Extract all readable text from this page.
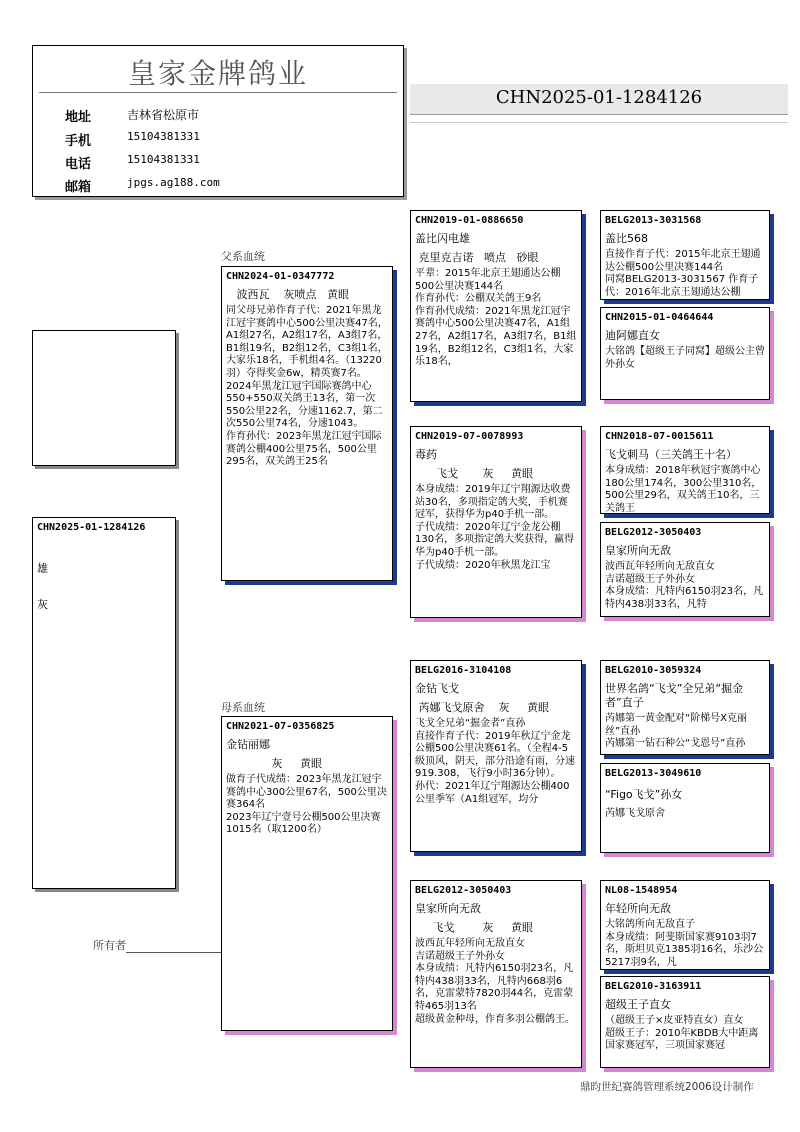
皇家金牌鸽业
地址	吉林省松原市
手机	15104381331
电话	15104381331
邮箱	jpgs.ag188.com
CHN2025-01-1284126
CHN2025-01-1284126
雄
灰
所有者
父系血统
母系血统
CHN2024-01-0347772
波西瓦    灰喷点   黄眼
同父母兄弟作育子代：2021年黑龙江冠宇赛鸽中心500公里决赛47名，A1组27名，A2组17名，A3组7名，B1组19名，B2组12名，C3组1名，大家乐18名，手机组4名。（13220羽）夺得奖金6w，精英赛7名。
2024年黑龙江冠宇国际赛鸽中心550+550双关鸽王13名，第一次550公里22名，分速1162.7，第二次550公里74名，分速1043。
作育孙代：2023年黑龙江冠宇国际赛鸽公棚400公里75名，500公里295名，双关鸽王25名
CHN2021-07-0356825
金钻丽娜
灰     黄眼
做育子代成绩：2023年黑龙江冠宇赛鸽中心300公里67名，500公里决赛364名
2023年辽宁壹号公棚500公里决赛1015名（取1200名）
CHN2019-01-0886650
盖比闪电雄
克里克吉诺   喷点   砂眼
平辈：2015年北京王翅通达公棚500公里决赛144名
作育孙代：公棚双关鸽王9名
作育孙代成绩：2021年黑龙江冠宇赛鸽中心500公里决赛47名，A1组27名，A2组17名，A3组7名，B1组19名，B2组12名，C3组1名，大家乐18名，
CHN2019-07-0078993
毒药
飞戈       灰     黄眼
本身成绩：2019年辽宁翔源达收费站30名，多项指定鸽大奖，手机赛冠军，获得华为p40手机一部。
子代成绩：2020年辽宁金龙公棚130名，多项指定鸽大奖获得，赢得华为p40手机一部。
子代成绩：2020年秋黑龙江宝
BELG2016-3104108
金钻飞戈
芮娜飞戈原舍    灰     黄眼
飞戈全兄弟“掘金者”直孙
直接作育子代：2019年秋辽宁金龙公棚500公里决赛61名。（全程4-5级顶风，阴天，部分沿途有雨，分速919.308，飞行9小时36分钟）。
孙代：2021年辽宁翔源达公棚400公里季军（A1组冠军，均分
BELG2012-3050403
皇家所向无敌
飞戈        灰     黄眼
波西瓦年轻所向无敌直女
吉诺超级王子外孙女
本身成绩：凡特内6150羽23名，凡特内438羽33名，凡特内668羽6名，克雷蒙特7820羽44名，克雷蒙特465羽13名
超级黄金种母，作育多羽公棚鸽王。
BELG2013-3031568
盖比568
直接作育子代：2015年北京王翅通达公棚500公里决赛144名
同窝BELG2013-3031567 作育子代：2016年北京王翅通达公棚
CHN2015-01-0464644
迪阿娜直女
大铭鸽【超级王子同窝】超级公主曾外孙女
CHN2018-07-0015611
飞戈刺马（三关鸽王十名）
本身成绩：2018年秋冠宇赛鸽中心180公里174名，300公里310名，500公里29名，双关鸽王10名，三关鸽王
BELG2012-3050403
皇家所向无敌
波西瓦年轻所向无敌直女
吉诺超级王子外孙女
本身成绩：凡特内6150羽23名，凡特内438羽33名，凡特
BELG2010-3059324
世界名鸽“飞戈”全兄弟“掘金者”直子
芮娜第一黄金配对“阶梯号X克丽丝”直孙
芮娜第一钻石种公“戈恩号”直孙
BELG2013-3049610
“Figo飞戈”孙女
芮娜飞戈原舍
NL08-1548954
年轻所向无敌
大铭鸽所向无敌直子
本身成绩：阿斐斯国家赛9103羽7名，斯坦贝克1385羽16名，乐沙公5217羽9名，凡
BELG2010-3163911
超级王子直女
（超级王子×皮亚特直女）直女
超级王子：2010年KBDB大中距离国家赛冠军，三项国家赛冠
鼎昀世纪赛鸽管理系统2006设计制作
